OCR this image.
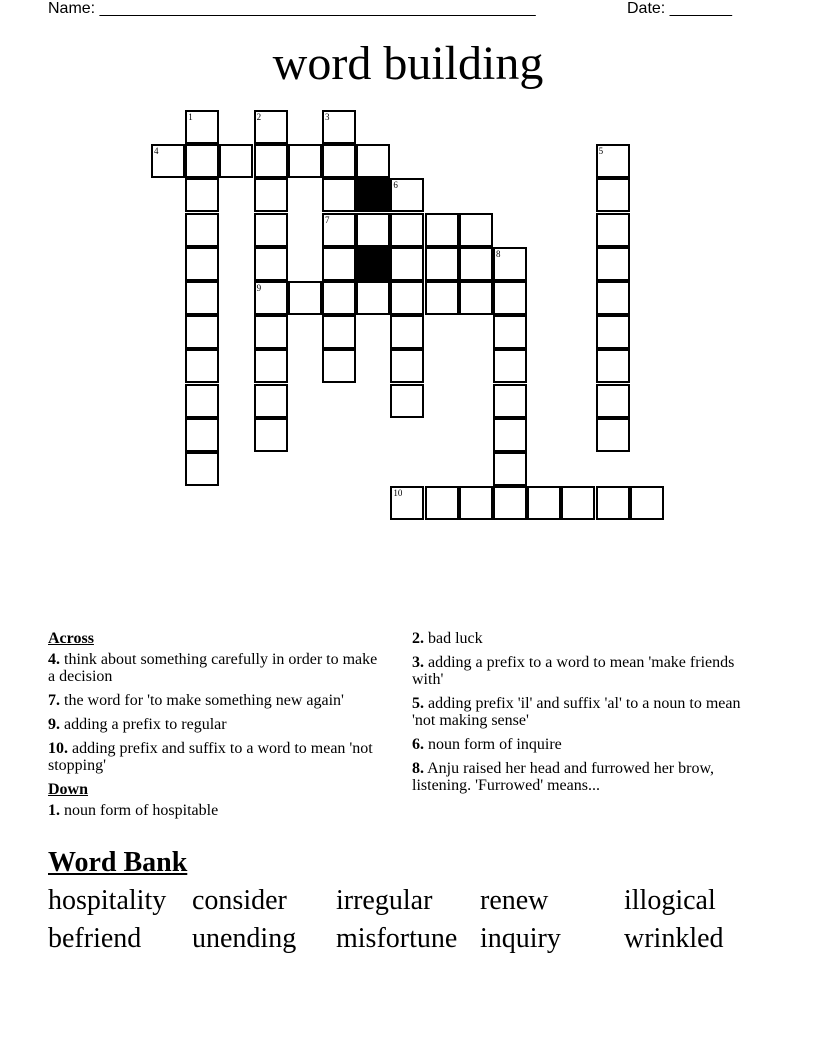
Name: _________________________________________________	Date: _______
word building
1	2	3
4	5
6
7
8
9
10
Across
4. think about something carefully in order to make a decision
7. the word for 'to make something new again'
9. adding a prefix to regular
10. adding prefix and suffix to a word to mean 'not stopping'
Down
1. noun form of hospitable
2. bad luck
3. adding a prefix to a word to mean 'make friends with'
5. adding prefix 'il' and suffix 'al' to a noun to mean 'not making sense'
6. noun form of inquire
8. Anju raised her head and furrowed her brow, listening. 'Furrowed' means...
Word Bank
hospitality consider irregular renew	illogical
befriend unending misfortune inquiry wrinkled
